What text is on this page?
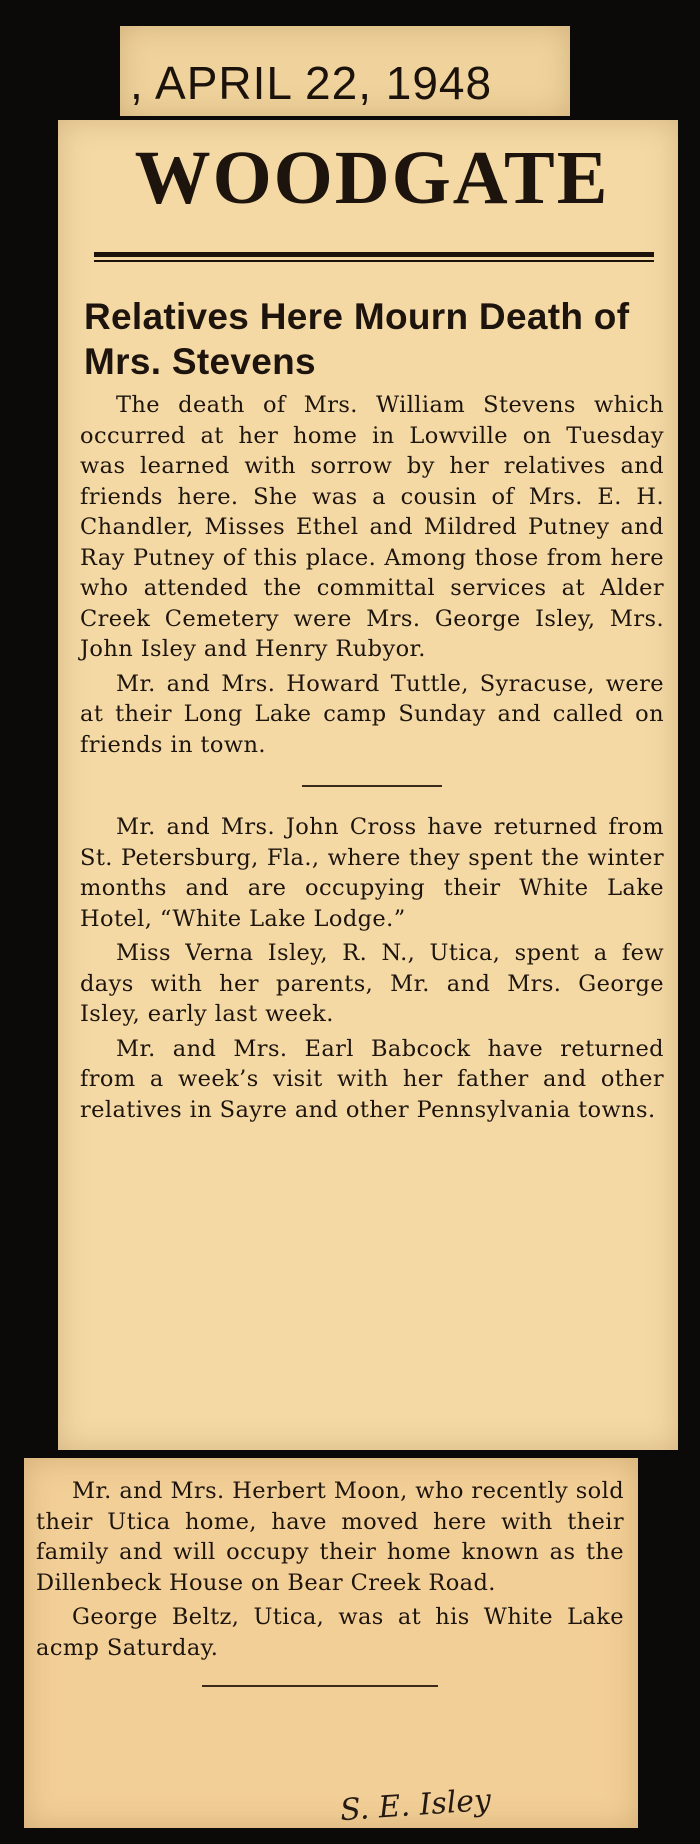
, APRIL 22, 1948
WOODGATE
Relatives Here Mourn Death of Mrs. Stevens

The death of Mrs. William Stevens which occurred at her home in Lowville on Tuesday was learned with sorrow by her relatives and friends here. She was a cousin of Mrs. E. H. Chandler, Misses Ethel and Mildred Putney and Ray Putney of this place. Among those from here who attended the committal services at Alder Creek Cemetery were Mrs. George Isley, Mrs. John Isley and Henry Rubyor.

Mr. and Mrs. Howard Tuttle, Syracuse, were at their Long Lake camp Sunday and called on friends in town.

Mr. and Mrs. John Cross have returned from St. Petersburg, Fla., where they spent the winter months and are occupying their White Lake Hotel, “White Lake Lodge.”

Miss Verna Isley, R. N., Utica, spent a few days with her parents, Mr. and Mrs. George Isley, early last week.

Mr. and Mrs. Earl Babcock have returned from a week’s visit with her father and other relatives in Sayre and other Pennsylvania towns.

Mr. and Mrs. Herbert Moon, who recently sold their Utica home, have moved here with their family and will occupy their home known as the Dillenbeck House on Bear Creek Road.

George Beltz, Utica, was at his White Lake acmp Saturday.

S. E. Isley
